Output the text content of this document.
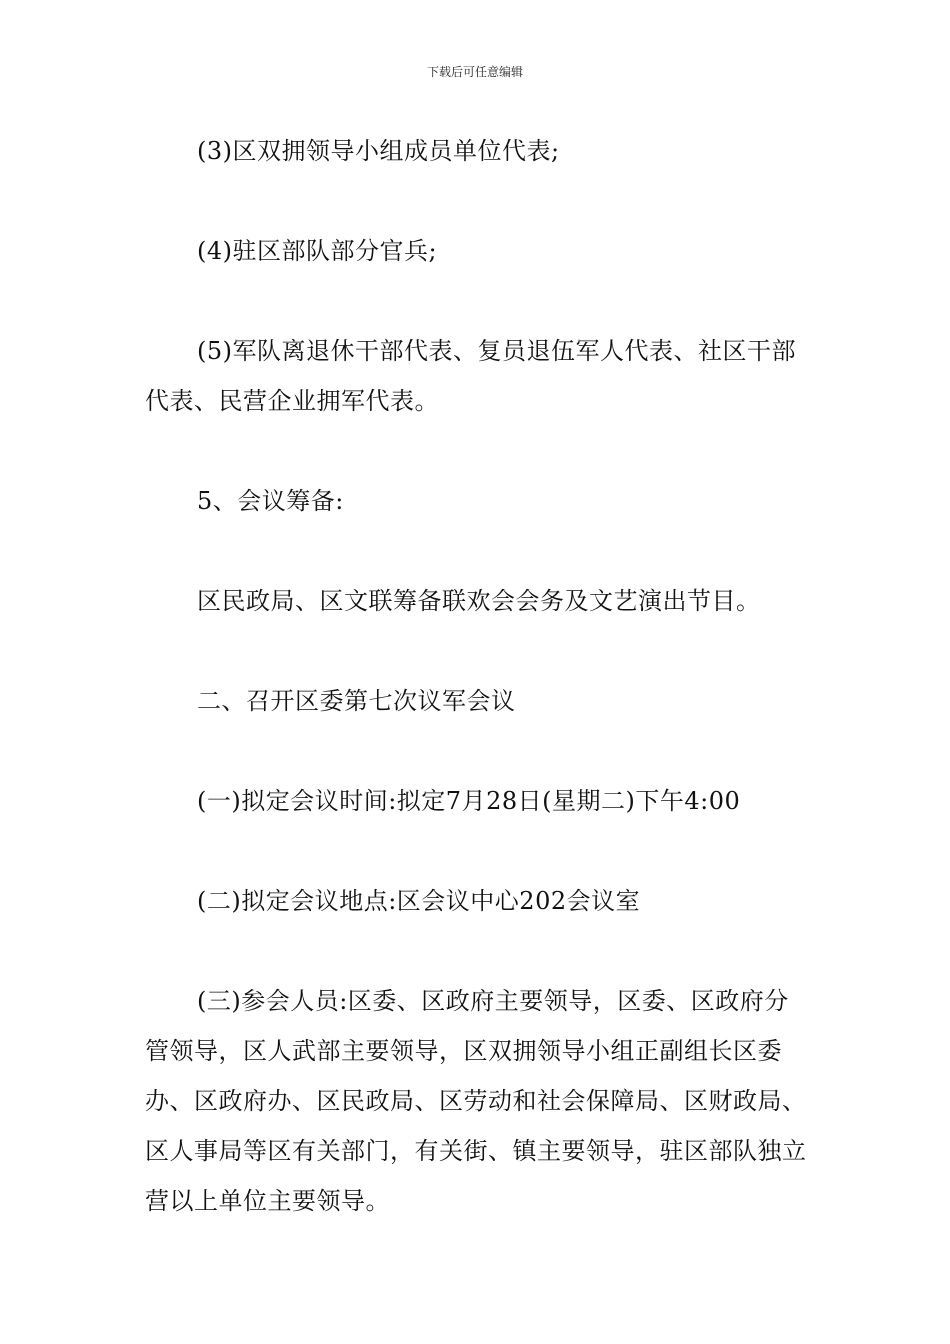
下载后可任意编辑

(3)区双拥领导小组成员单位代表;

(4)驻区部队部分官兵;

(5)军队离退休干部代表、复员退伍军人代表、社区干部代表、民营企业拥军代表。

5、会议筹备:

区民政局、区文联筹备联欢会会务及文艺演出节目。

二、召开区委第七次议军会议

(一)拟定会议时间:拟定7月28日(星期二)下午4:00

(二)拟定会议地点:区会议中心202会议室

(三)参会人员:区委、区政府主要领导，区委、区政府分管领导，区人武部主要领导，区双拥领导小组正副组长区委办、区政府办、区民政局、区劳动和社会保障局、区财政局、区人事局等区有关部门，有关街、镇主要领导，驻区部队独立营以上单位主要领导。
